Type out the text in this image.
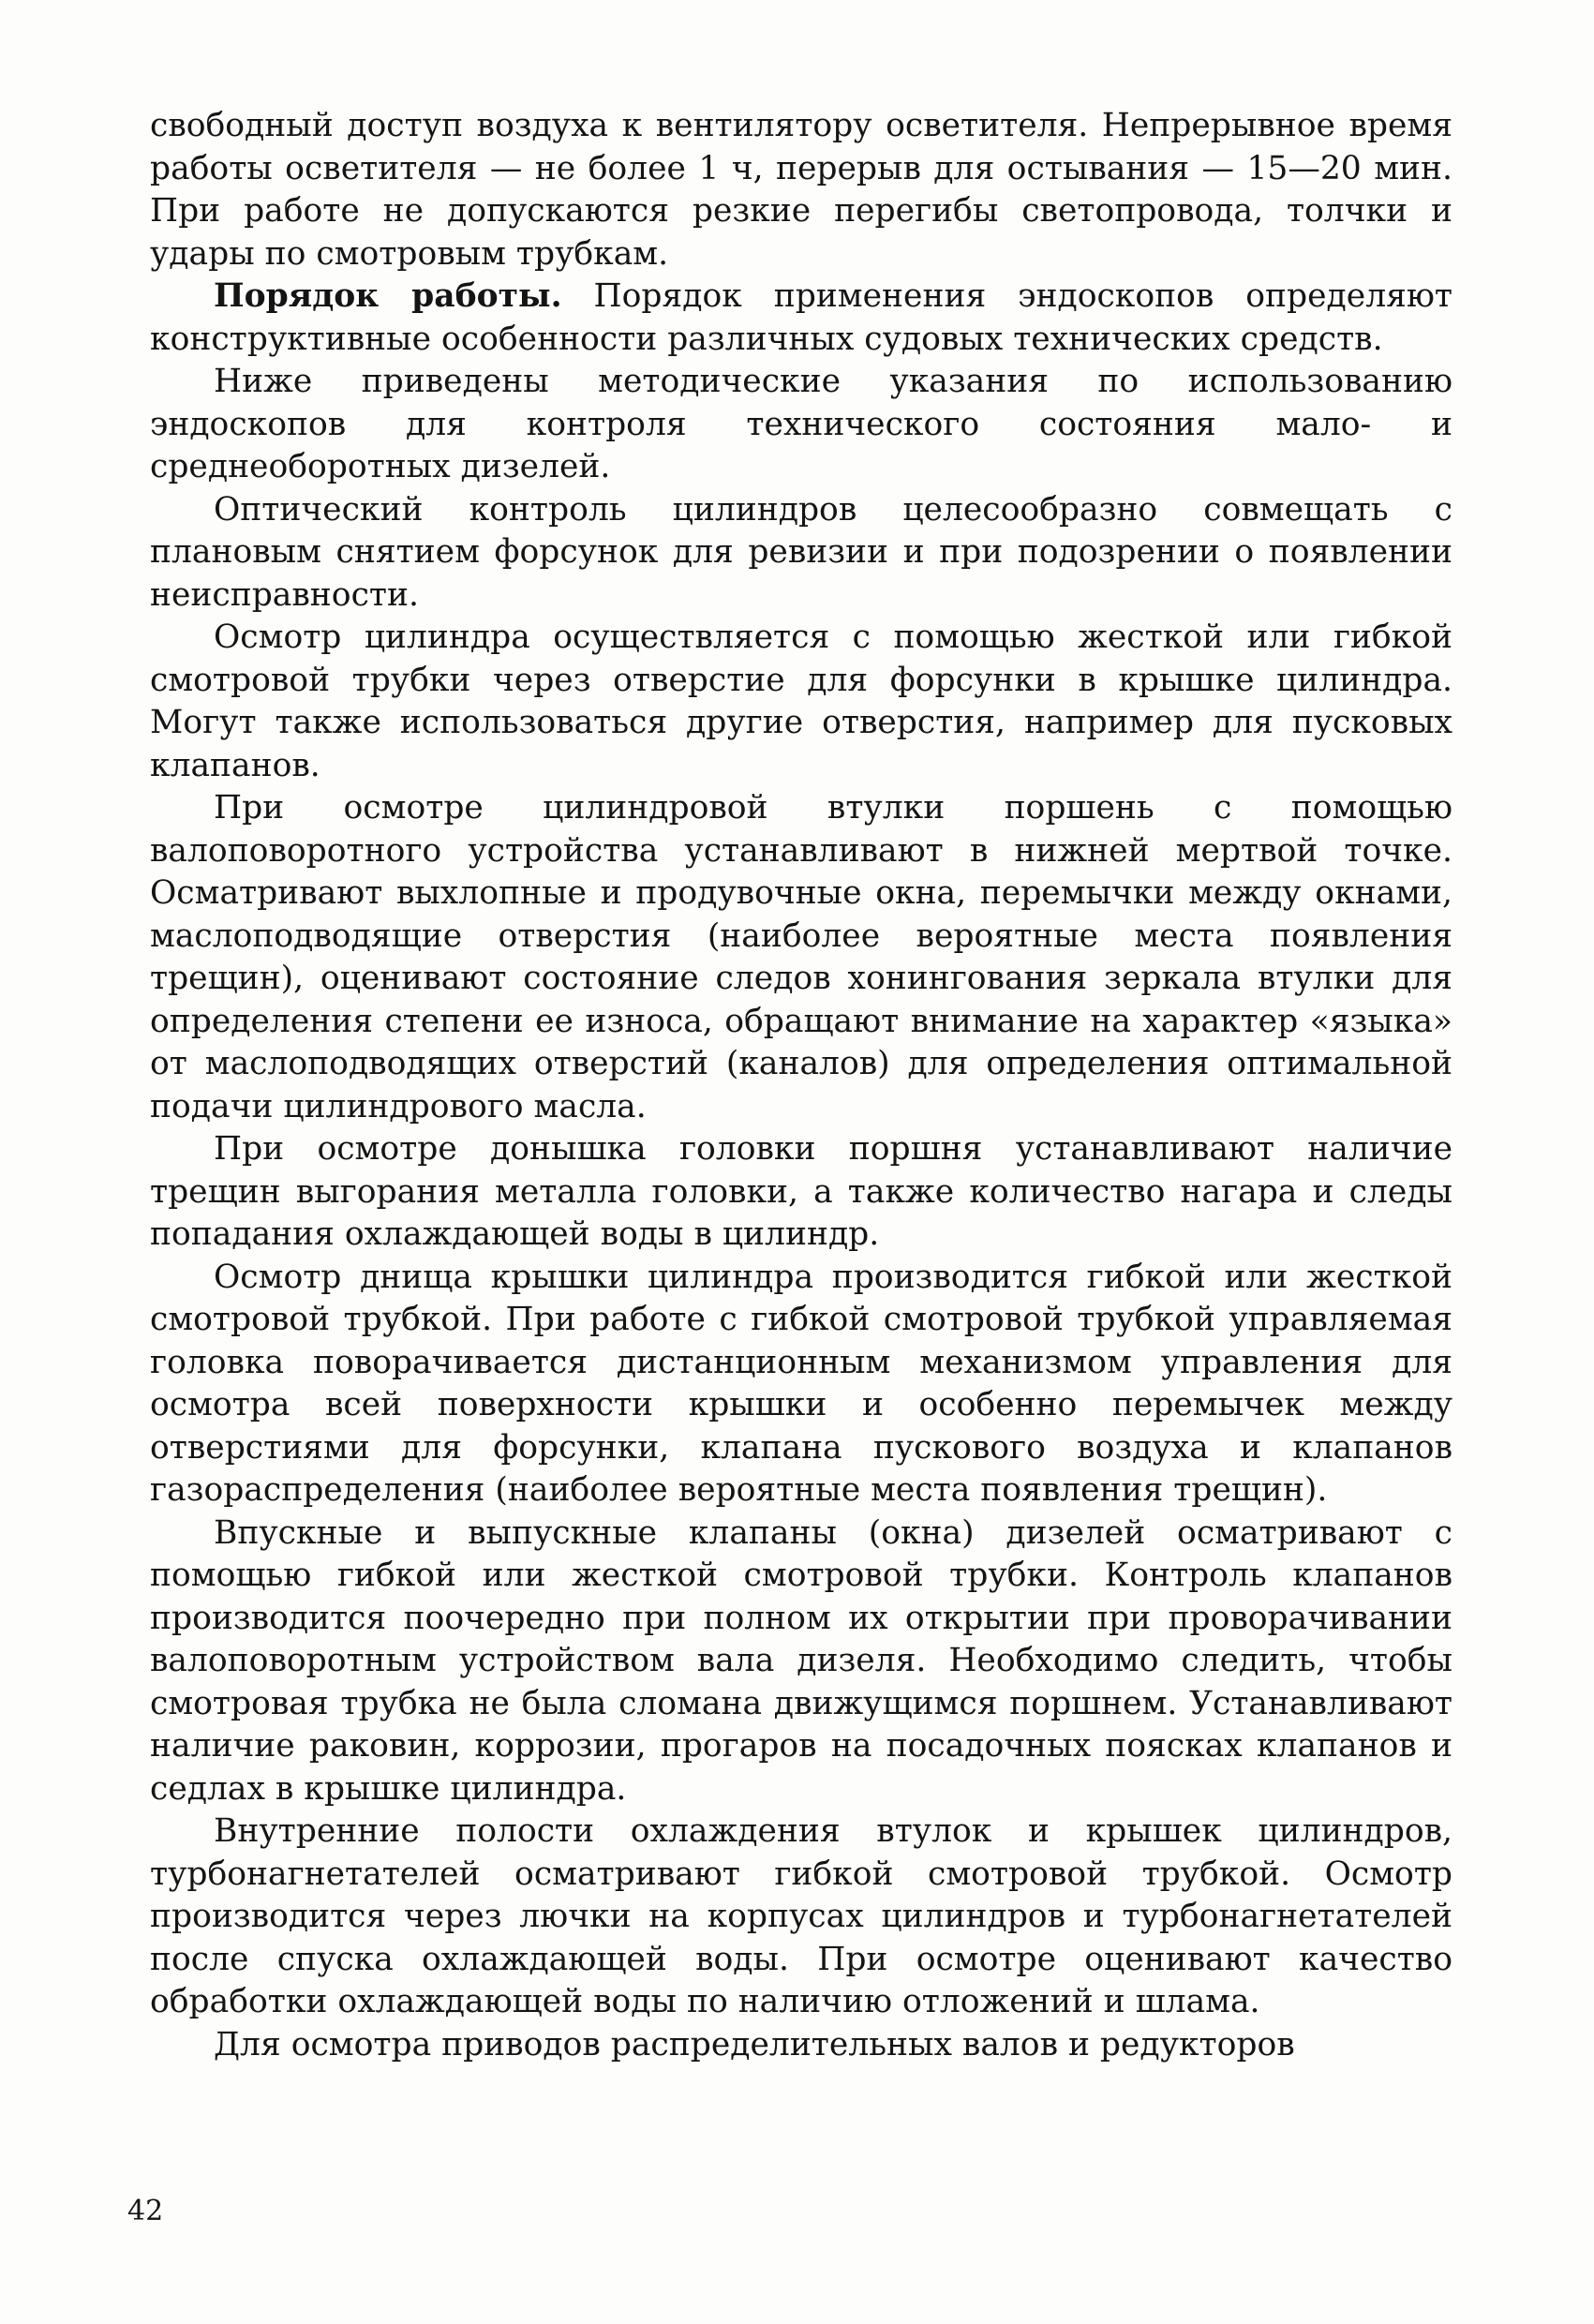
свободный доступ воздуха к вентилятору осветителя. Непрерывное время работы осветителя — не более 1 ч, перерыв для остывания — 15—20 мин. При работе не допускаются резкие перегибы светопровода, толчки и удары по смотровым трубкам.

Порядок работы. Порядок применения эндоскопов определяют конструктивные особенности различных судовых технических средств.

Ниже приведены методические указания по использованию эндоскопов для контроля технического состояния мало- и среднеоборотных дизелей.

Оптический контроль цилиндров целесообразно совмещать с плановым снятием форсунок для ревизии и при подозрении о появлении неисправности.

Осмотр цилиндра осуществляется с помощью жесткой или гибкой смотровой трубки через отверстие для форсунки в крышке цилиндра. Могут также использоваться другие отверстия, например для пусковых клапанов.

При осмотре цилиндровой втулки поршень с помощью валоповоротного устройства устанавливают в нижней мертвой точке. Осматривают выхлопные и продувочные окна, перемычки между окнами, маслоподводящие отверстия (наиболее вероятные места появления трещин), оценивают состояние следов хонингования зеркала втулки для определения степени ее износа, обращают внимание на характер «языка» от маслоподводящих отверстий (каналов) для определения оптимальной подачи цилиндрового масла.

При осмотре донышка головки поршня устанавливают наличие трещин выгорания металла головки, а также количество нагара и следы попадания охлаждающей воды в цилиндр.

Осмотр днища крышки цилиндра производится гибкой или жесткой смотровой трубкой. При работе с гибкой смотровой трубкой управляемая головка поворачивается дистанционным механизмом управления для осмотра всей поверхности крышки и особенно перемычек между отверстиями для форсунки, клапана пускового воздуха и клапанов газораспределения (наиболее вероятные места появления трещин).

Впускные и выпускные клапаны (окна) дизелей осматривают с помощью гибкой или жесткой смотровой трубки. Контроль клапанов производится поочередно при полном их открытии при проворачивании валоповоротным устройством вала дизеля. Необходимо следить, чтобы смотровая трубка не была сломана движущимся поршнем. Устанавливают наличие раковин, коррозии, прогаров на посадочных поясках клапанов и седлах в крышке цилиндра.

Внутренние полости охлаждения втулок и крышек цилиндров, турбонагнетателей осматривают гибкой смотровой трубкой. Осмотр производится через лючки на корпусах цилиндров и турбонагнетателей после спуска охлаждающей воды. При осмотре оценивают качество обработки охлаждающей воды по наличию отложений и шлама.

Для осмотра приводов распределительных валов и редукторов

42
